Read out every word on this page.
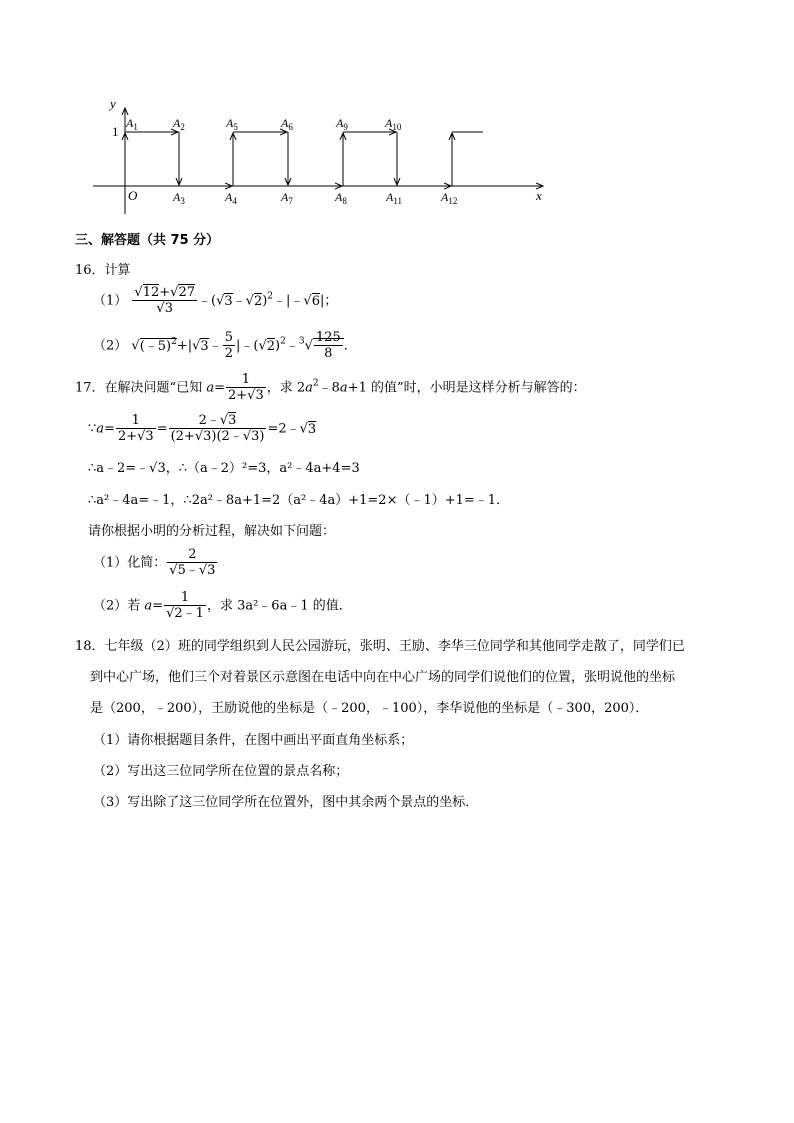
y
x
O
1
$A_1$	$A_2$	$A_5$	$A_6$	$A_9$	$A_{10}$
$A_3$	$A_4$	$A_7$	$A_8$	$A_{11}$	$A_{12}$
三、解答题（共 75 分）
16．计算
$(1) \frac{√12+√27}{√3}$ ﹣(√3﹣√2)$^2$﹣|﹣√6|；
（2） √(﹣5)$^2$+|√3﹣ $\frac{5}{2}$ $|﹣(√2)^2﹣^3√ \frac{125}{8}$ ．
17．在解决问题“已知 $a= \frac{1}{2+√3}$ ，求 $2a^2﹣8a+1$ 的值”时，小明是这样分析与解答的：
∵a= $\frac{1}{2+√3} = \frac{2﹣√3}{(2+√3)(2﹣√3)}$ =2﹣√3
∴a﹣2=﹣√3，∴（a﹣2）²=3，a²﹣4a+4=3
∴a²﹣4a=﹣1，∴2a²﹣8a+1=2（a²﹣4a）+1=2×（﹣1）+1=﹣1．
请你根据小明的分析过程，解决如下问题：
（1）化简： $\frac{2}{√5﹣√3}$
（2）若 $a= \frac{1}{√2﹣1}$ ，求 3a²﹣6a﹣1 的值．
18．七年级（2）班的同学组织到人民公园游玩，张明、王励、李华三位同学和其他同学走散了，同学们已
到中心广场，他们三个对着景区示意图在电话中向在中心广场的同学们说他们的位置，张明说他的坐标
是（200，﹣200），王励说他的坐标是（﹣200，﹣100），李华说他的坐标是（﹣300，200）．
（1）请你根据题目条件，在图中画出平面直角坐标系；
（2）写出这三位同学所在位置的景点名称；
（3）写出除了这三位同学所在位置外，图中其余两个景点的坐标．
